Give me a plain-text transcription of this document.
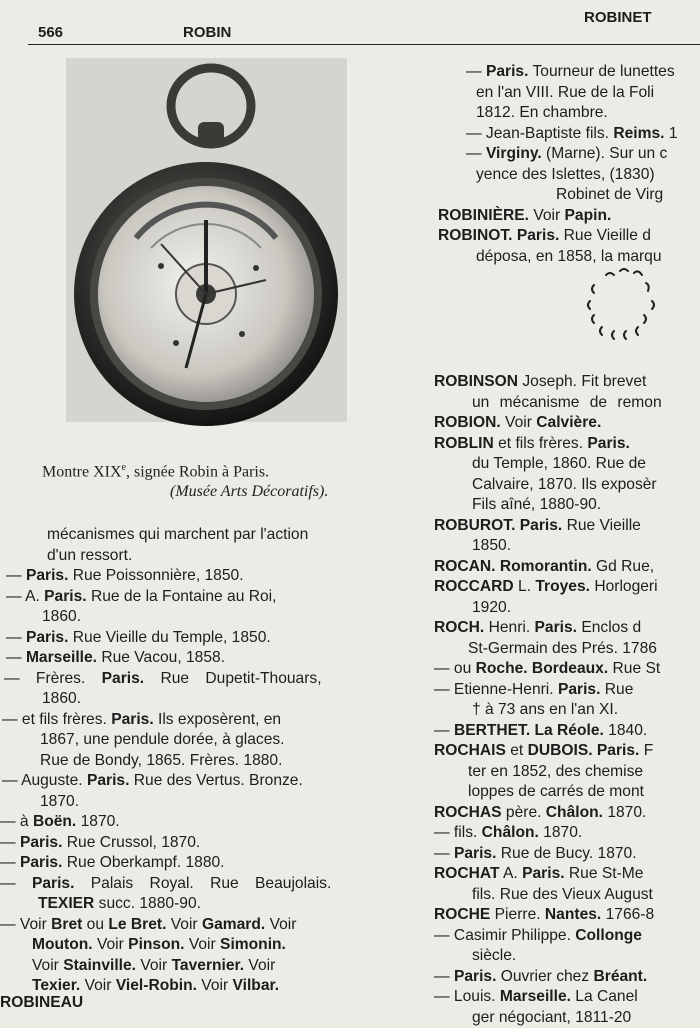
566	ROBIN
ROBINET
Montre XIXe, signée Robin à Paris.
(Musée Arts Décoratifs).

mécanismes qui marchent par l'action

d'un ressort.

— Paris. Rue Poissonnière, 1850.

— A. Paris. Rue de la Fontaine au Roi,

1860.

— Paris. Rue Vieille du Temple, 1850.

— Marseille. Rue Vacou, 1858.

— Frères. Paris. Rue Dupetit-Thouars,

1860.

— et fils frères. Paris. Ils exposèrent, en

1867, une pendule dorée, à glaces.

Rue de Bondy, 1865. Frères. 1880.

— Auguste. Paris. Rue des Vertus. Bronze.

1870.

— à Boën. 1870.

— Paris. Rue Crussol, 1870.

— Paris. Rue Oberkampf. 1880.

— Paris. Palais Royal. Rue Beaujolais.

TEXIER succ. 1880-90.

— Voir Bret ou Le Bret. Voir Gamard. Voir

Mouton. Voir Pinson. Voir Simonin.

Voir Stainville. Voir Tavernier. Voir

Texier. Voir Viel-Robin. Voir Vilbar.

ROBINEAU

— Paris. Tourneur de lunettes

en l'an VIII. Rue de la Foli

1812. En chambre.

— Jean-Baptiste fils. Reims. 1

— Virginy. (Marne). Sur un c

yence des Islettes, (1830)

Robinet de Virg

ROBINIÈRE. Voir Papin.

ROBINOT. Paris. Rue Vieille d

déposa, en 1858, la marqu

ROBINSON Joseph. Fit brevet

un mécanisme de remon

ROBION. Voir Calvière.

ROBLIN et fils frères. Paris.

du Temple, 1860. Rue de

Calvaire, 1870. Ils exposèr

Fils aîné, 1880-90.

ROBUROT. Paris. Rue Vieille

1850.

ROCAN. Romorantin. Gd Rue,

ROCCARD L. Troyes. Horlogeri

1920.

ROCH. Henri. Paris. Enclos d

St-Germain des Prés. 1786

— ou Roche. Bordeaux. Rue St

— Etienne-Henri. Paris. Rue

† à 73 ans en l'an XI.

— BERTHET. La Réole. 1840.

ROCHAIS et DUBOIS. Paris. F

ter en 1852, des chemise

loppes de carrés de mont

ROCHAS père. Châlon. 1870.

— fils. Châlon. 1870.

— Paris. Rue de Bucy. 1870.

ROCHAT A. Paris. Rue St-Me

fils. Rue des Vieux August

ROCHE Pierre. Nantes. 1766-8

— Casimir Philippe. Collonge

siècle.

— Paris. Ouvrier chez Bréant.

— Louis. Marseille. La Canel

ger négociant, 1811-20
